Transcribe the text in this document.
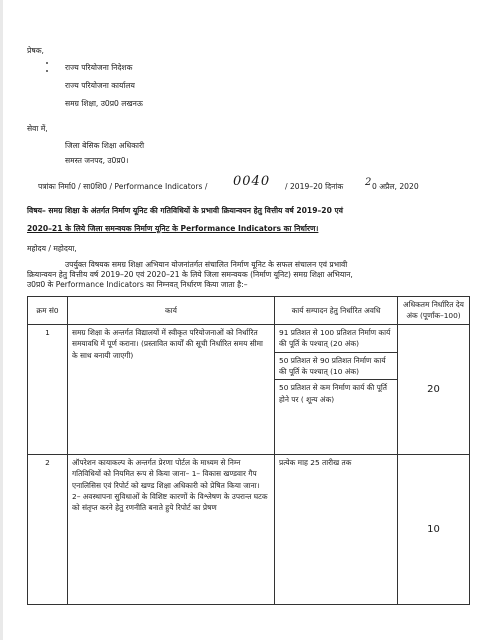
प्रेषक,
राज्य परियोजना निदेशक
राज्य परियोजना कार्यालय
समग्र शिक्षा, उ0प्र0 लखनऊ
सेवा में,
जिला बेसिक शिक्षा अधिकारी
समस्त जनपद, उ0प्र0।
पत्रांकः निर्मा0 / सा0शि0 / Performance Indicators / 0040 / 2019–20 दिनांक 2 0 अप्रैल, 2020
विषय– समग्र शिक्षा के अंतर्गत निर्माण यूनिट की गतिविधियों के प्रभावी क्रियान्वयन हेतु वित्तीय वर्ष 2019–20 एवं
2020–21 के लिये जिला समन्वयक निर्माण यूनिट के Performance Indicators का निर्धारण।
महोदय / महोदया,
उपर्युक्त विषयक समग्र शिक्षा अभियान योजनांतर्गत संचालित निर्माण यूनिट के सफल संचालन एवं प्रभावी
क्रम सं0	कार्य	कार्य सम्पादन हेतु निर्धारित अवधि	अधिकतम निर्धारित देय अंक (पूर्णांक–100)
1	समग्र शिक्षा के अन्तर्गत विद्यालयों में स्वीकृत परियोजनाओं को निर्धारित समयावधि में पूर्ण कराना। (प्रस्तावित कार्यों की सूची निर्धारित समय सीमा के साथ बनायी जाएगी)	91 प्रतिशत से 100 प्रतिशत निर्माण कार्य की पूर्ति के पश्चात् (20 अंक)
50 प्रतिशत से 90 प्रतिशत निर्माण कार्य की पूर्ति के पश्चात् (10 अंक)
50 प्रतिशत से कम निर्माण कार्य की पूर्ति होने पर ( शून्य अंक)	20
2	ऑपरेशन कायाकल्प के अन्तर्गत प्रेरणा पोर्टल के माध्यम से निम्न गतिविधियों को नियमित रूप से किया जाना– 1– विकास खण्डवार गैप एनालिसिस एवं रिपोर्ट को खण्ड शिक्षा अधिकारी को प्रेषित किया जाना। 2– अवस्थापना सुविधाओं के विशिष्ट कारणों के विश्लेषण के उपरान्त घटक को संतृप्त करने हेतु रणनीति बनाते हुये रिपोर्ट का प्रेषण	प्रत्येक माह 25 तारीख तक	10
क्रियान्वयन हेतु वित्तीय वर्ष 2019–20 एवं 2020–21 के लिये जिला समन्वयक (निर्माण यूनिट) समग्र शिक्षा अभियान,
उ0प्र0 के Performance Indicators का निम्नवत् निर्धारण किया जाता है:–
